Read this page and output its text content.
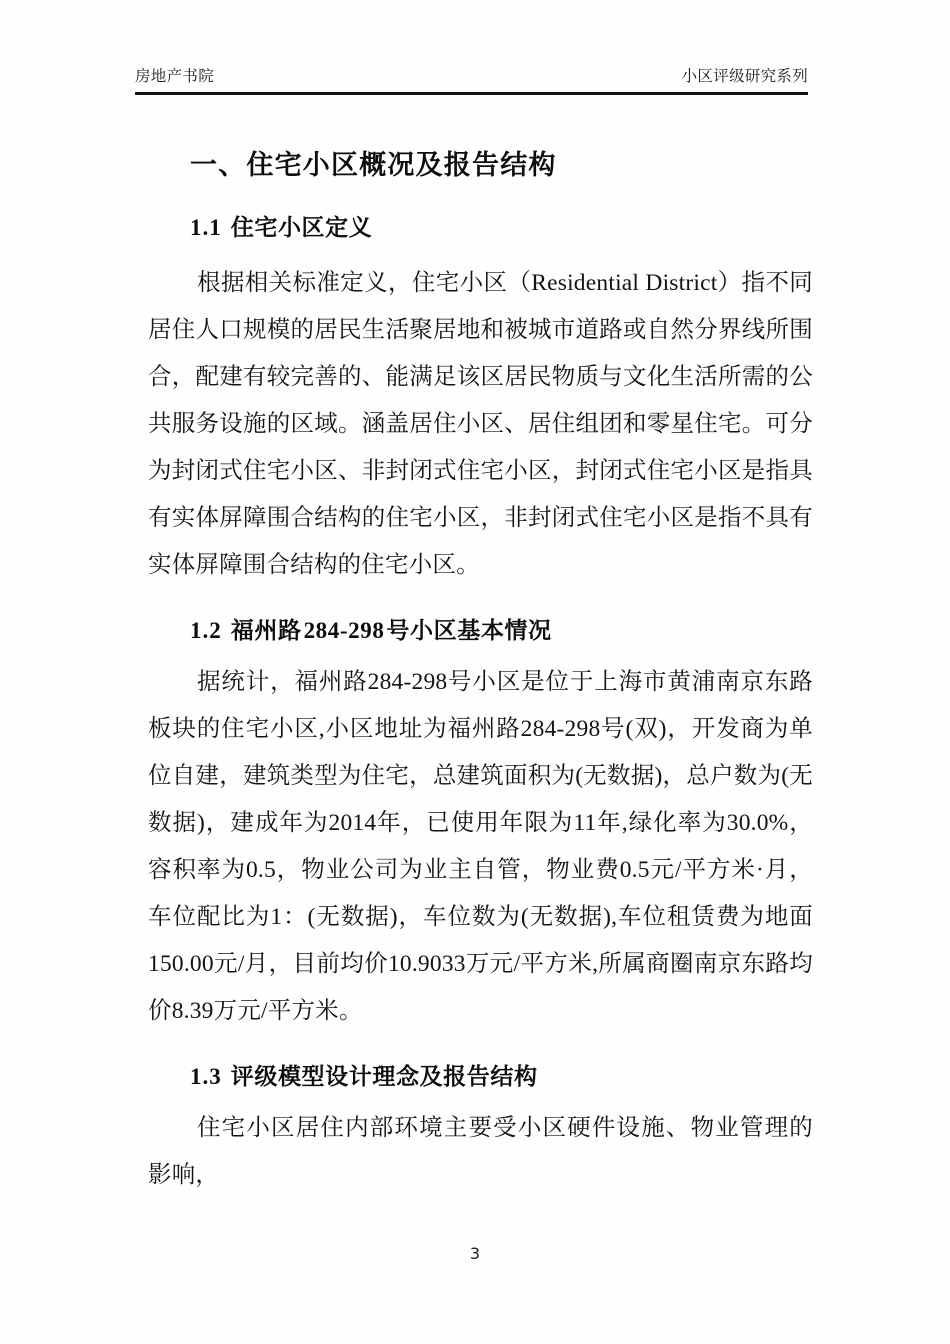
房地产书院	小区评级研究系列
一、住宅小区概况及报告结构
1.1 住宅小区定义

根据相关标准定义，住宅小区（Residential District）指不同居住人口规模的居民生活聚居地和被城市道路或自然分界线所围合，配建有较完善的、能满足该区居民物质与文化生活所需的公共服务设施的区域。涵盖居住小区、居住组团和零星住宅。可分为封闭式住宅小区、非封闭式住宅小区，封闭式住宅小区是指具有实体屏障围合结构的住宅小区，非封闭式住宅小区是指不具有实体屏障围合结构的住宅小区。

1.2 福州路284-298号小区基本情况

据统计，福州路284-298号小区是位于上海市黄浦南京东路板块的住宅小区,小区地址为福州路284-298号(双)，开发商为单位自建，建筑类型为住宅，总建筑面积为(无数据)，总户数为(无数据)，建成年为2014年，已使用年限为11年,绿化率为30.0%，容积率为0.5，物业公司为业主自管，物业费0.5元/平方米·月，车位配比为1：(无数据)，车位数为(无数据),车位租赁费为地面150.00元/月，目前均价10.9033万元/平方米,所属商圈南京东路均价8.39万元/平方米。

1.3 评级模型设计理念及报告结构

住宅小区居住内部环境主要受小区硬件设施、物业管理的影响，

3
